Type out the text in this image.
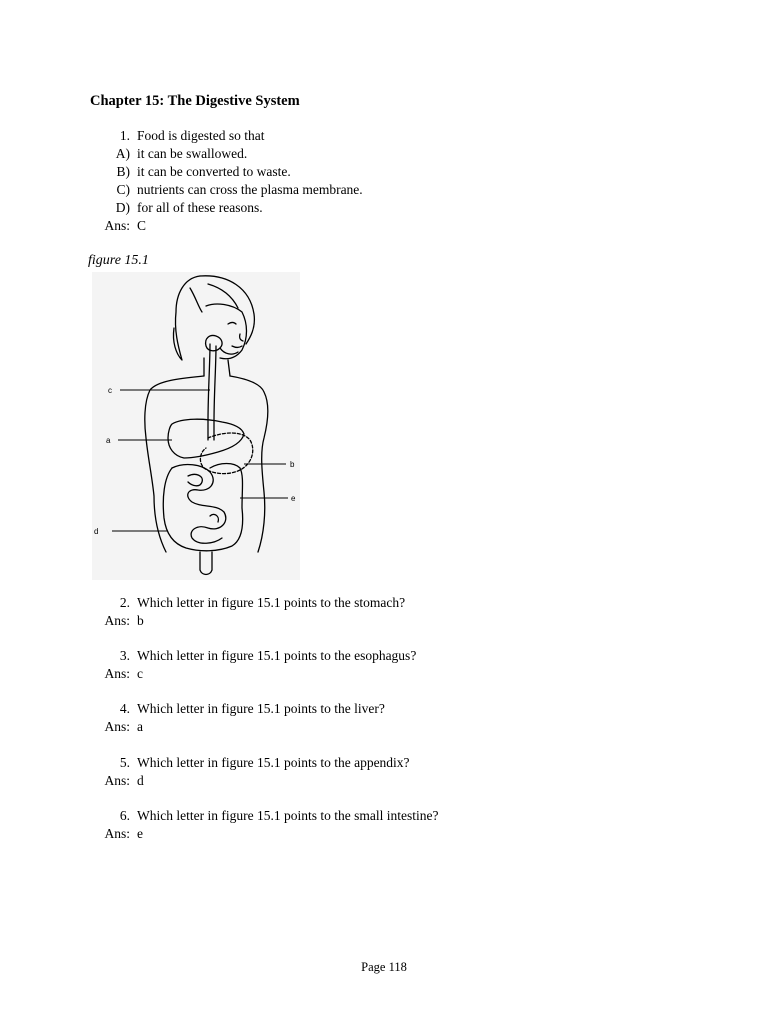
Chapter 15: The Digestive System
1. Food is digested so that
A) it can be swallowed.
B) it can be converted to waste.
C) nutrients can cross the plasma membrane.
D) for all of these reasons.
Ans: C
figure 15.1
c
a
b
e
d
2. Which letter in figure 15.1 points to the stomach?
Ans: b
3. Which letter in figure 15.1 points to the esophagus?
Ans: c
4. Which letter in figure 15.1 points to the liver?
Ans: a
5. Which letter in figure 15.1 points to the appendix?
Ans: d
6. Which letter in figure 15.1 points to the small intestine?
Ans: e
Page 118
